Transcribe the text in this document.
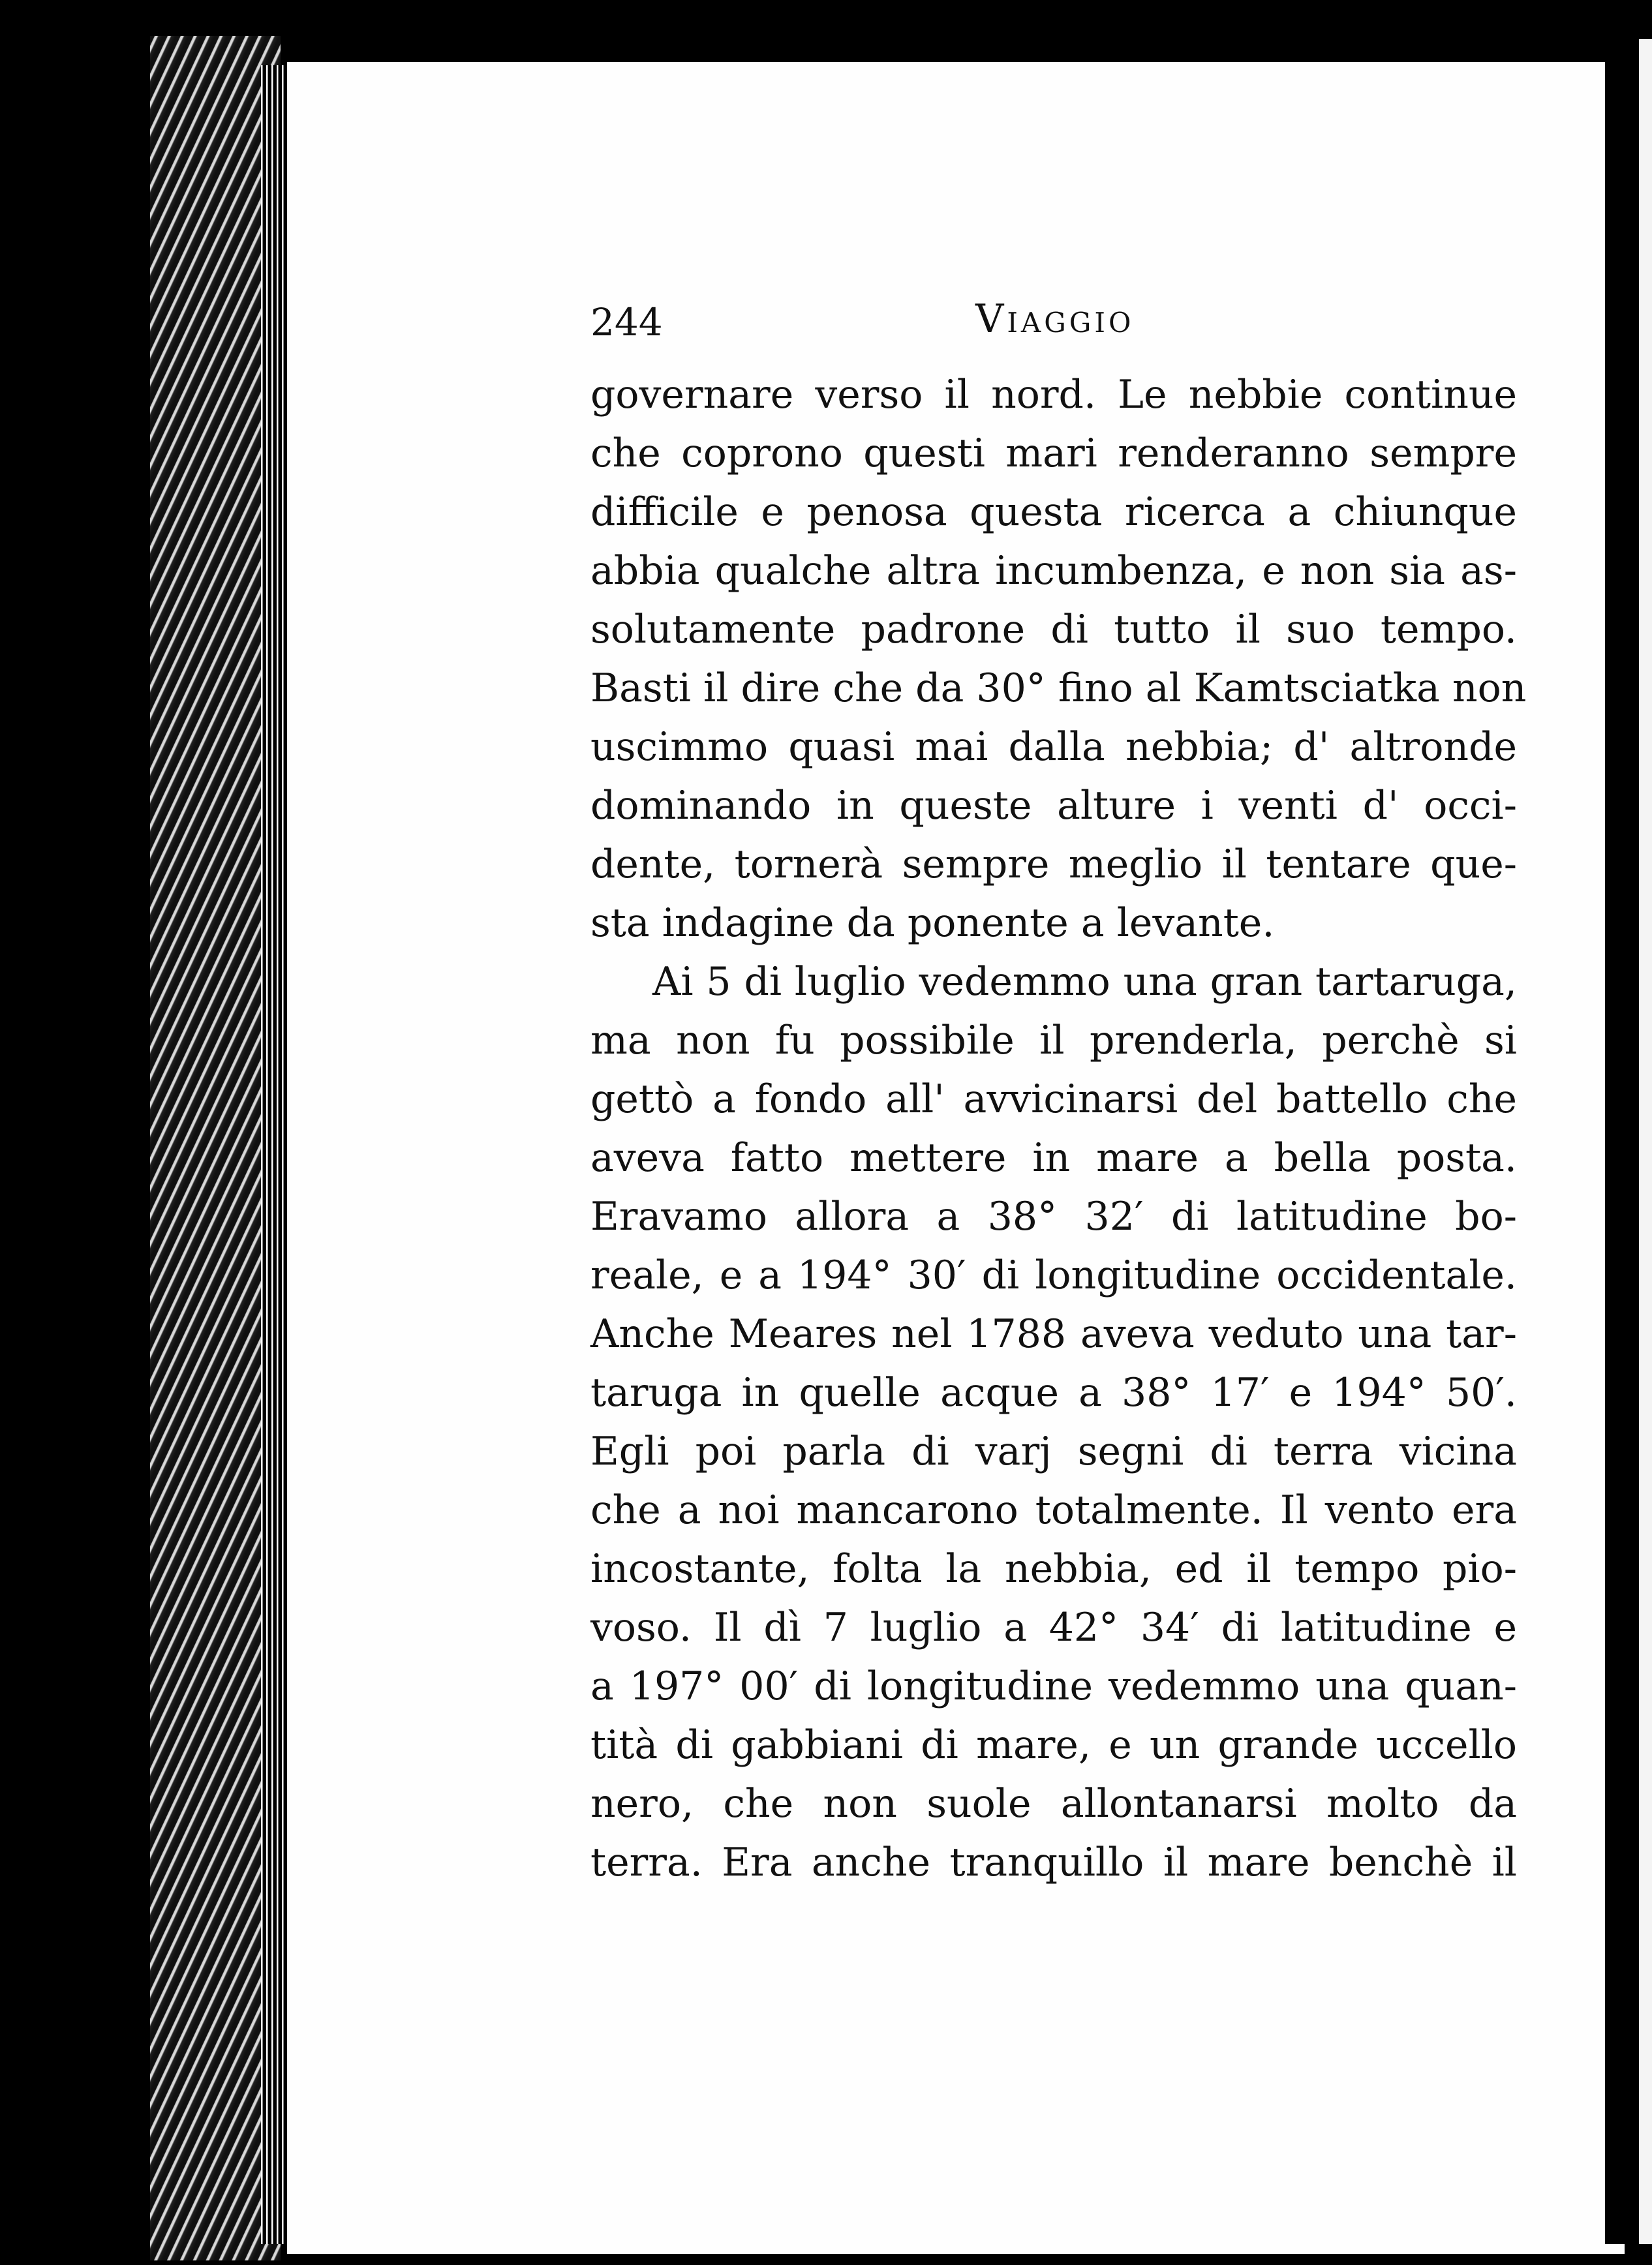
244	Viaggio
governare verso il nord. Le nebbie continue
che coprono questi mari renderanno sempre
difficile e penosa questa ricerca a chiunque
abbia qualche altra incumbenza, e non sia as-
solutamente padrone di tutto il suo tempo.
Basti il dire che da 30° fino al Kamtsciatka non
uscimmo quasi mai dalla nebbia; d' altronde
dominando in queste alture i venti d' occi-
dente, tornerà sempre meglio il tentare que-
sta indagine da ponente a levante.
Ai 5 di luglio vedemmo una gran tartaruga,
ma non fu possibile il prenderla, perchè si
gettò a fondo all' avvicinarsi del battello che
aveva fatto mettere in mare a bella posta.
Eravamo allora a 38° 32′ di latitudine bo-
reale, e a 194° 30′ di longitudine occidentale.
Anche Meares nel 1788 aveva veduto una tar-
taruga in quelle acque a 38° 17′ e 194° 50′.
Egli poi parla di varj segni di terra vicina
che a noi mancarono totalmente. Il vento era
incostante, folta la nebbia, ed il tempo pio-
voso. Il dì 7 luglio a 42° 34′ di latitudine e
a 197° 00′ di longitudine vedemmo una quan-
tità di gabbiani di mare, e un grande uccello
nero, che non suole allontanarsi molto da
terra. Era anche tranquillo il mare benchè il
